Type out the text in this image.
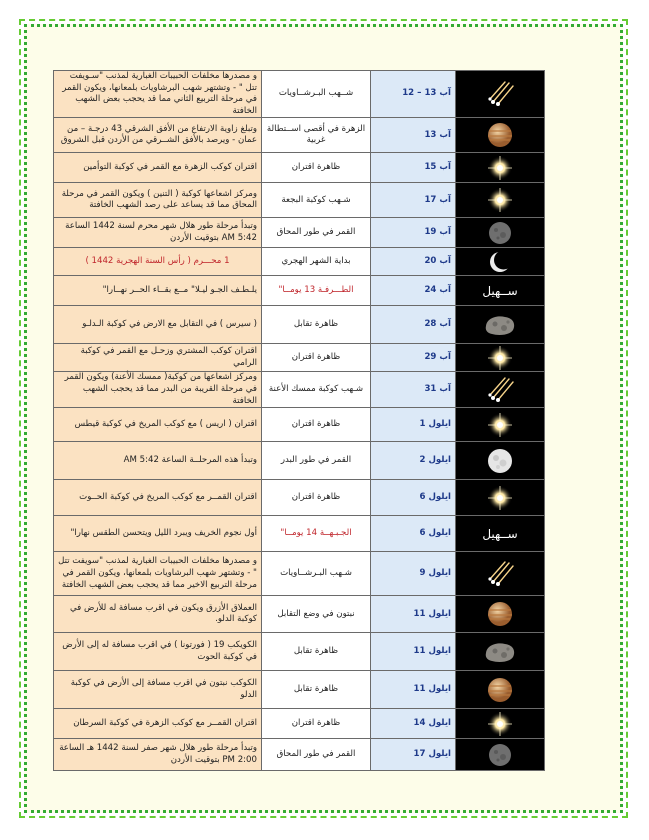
	آب 13 – 12	شــهب البـرشــاويات	و مصدرها مخلفات الحبيبات الغبارية لمذنب "سـويفت تتل " - وتشتهر شهب البرشاويات بلمعانها، ويكون القمر في مرحلة التربيع الثاني مما قد يحجب بعض الشهب الخافتة

	آب 13	الزهرة في أقصى اســتطالة غربية	وتبلغ زاوية الارتفاع من الأفق الشرقي 43 درجـة – من عمان - ويرصد بالأفق الشــرقي من الأردن قبل الشروق

	آب 15	ظاهرة اقتران	اقتران كوكب الزهرة مع القمر في كوكبة التوأمين

	آب 17	شـهب كوكبة البجعة	ومركز اشعاعها كوكبة ( التنين ) ويكون القمر في مرحلة المحاق مما قد يساعد على رصد الشهب الخافتة

	آب 19	القمر في طور المحاق	وتبدأ مرحلة طور هلال شهر محرم لسنة 1442 الساعة 5:42 AM بتوقيت الأردن

	آب 20	بداية الشهر الهجري	1 محـــرم ( رأس السنة الهجرية 1442 )
ســهيل	آب 24	الطـــرفـة 13 يومــا"	يلـطـف الجـو ليـلا" مــع بقــاء الحــر نهــارا"

	آب 28	ظاهرة تقابل	( سيرس ) في التقابل مع الارض في كوكبة الـدلـو

	آب 29	ظاهرة اقتران	اقتران كوكب المشتري وزحـل مع القمر في كوكبة الرامي

	آب 31	شـهب كوكبة ممسك الأعنة	ومركز اشعاعها من كوكبة( ممسك الأعنة) ويكون القمر في مرحلة القريبة من البدر مما قد يحجب الشهب الخافتة

	ايلول 1	ظاهرة اقتران	اقتران ( اريس ) مع كوكب المريخ في كوكبة قيطس

	ايلول 2	القمر في طور البدر	وتبدأ هذه المرحلــة الساعة 5:42 AM

	ايلول 6	ظاهرة اقتران	اقتران القمــر مع كوكب المريخ في كوكبة الحــوت
ســهيل	ايلول 6	الجـبـهــة 14 يومــا"	أول نجوم الخريف ويبرد الليل ويتحسن الطقس نهارا"

	ايلول 9	شـهب البـرشــاويات	و مصدرها مخلفات الحبيبات الغبارية لمذنب "سويفت تتل " - وتشتهر شهب البرشاويات بلمعانها، ويكون القمر في مرحلة التربيع الاخير مما قد يحجب بعض الشهب الخافتة

	ايلول 11	نبتون في وضع التقابل	العملاق الأزرق ويكون في اقرب مسافة له للأرض في كوكبة الدلو.

	ايلول 11	ظاهرة تقابل	الكويكب 19 ( فورتونا ) في اقرب مسافة له إلى الأرض في كوكبة الحوت

	ايلول 11	ظاهرة تقابل	الكوكب نبتون في اقرب مسافة إلى الأرض في كوكبة الدلو

	ايلول 14	ظاهرة اقتران	اقتران القمــر مع كوكب الزهرة في كوكبة السرطان

	ايلول 17	القمر في طور المحاق	وتبدأ مرحلة طور هلال شهر صفر لسنة 1442 هـ الساعة 2:00 PM بتوقيت الأردن
